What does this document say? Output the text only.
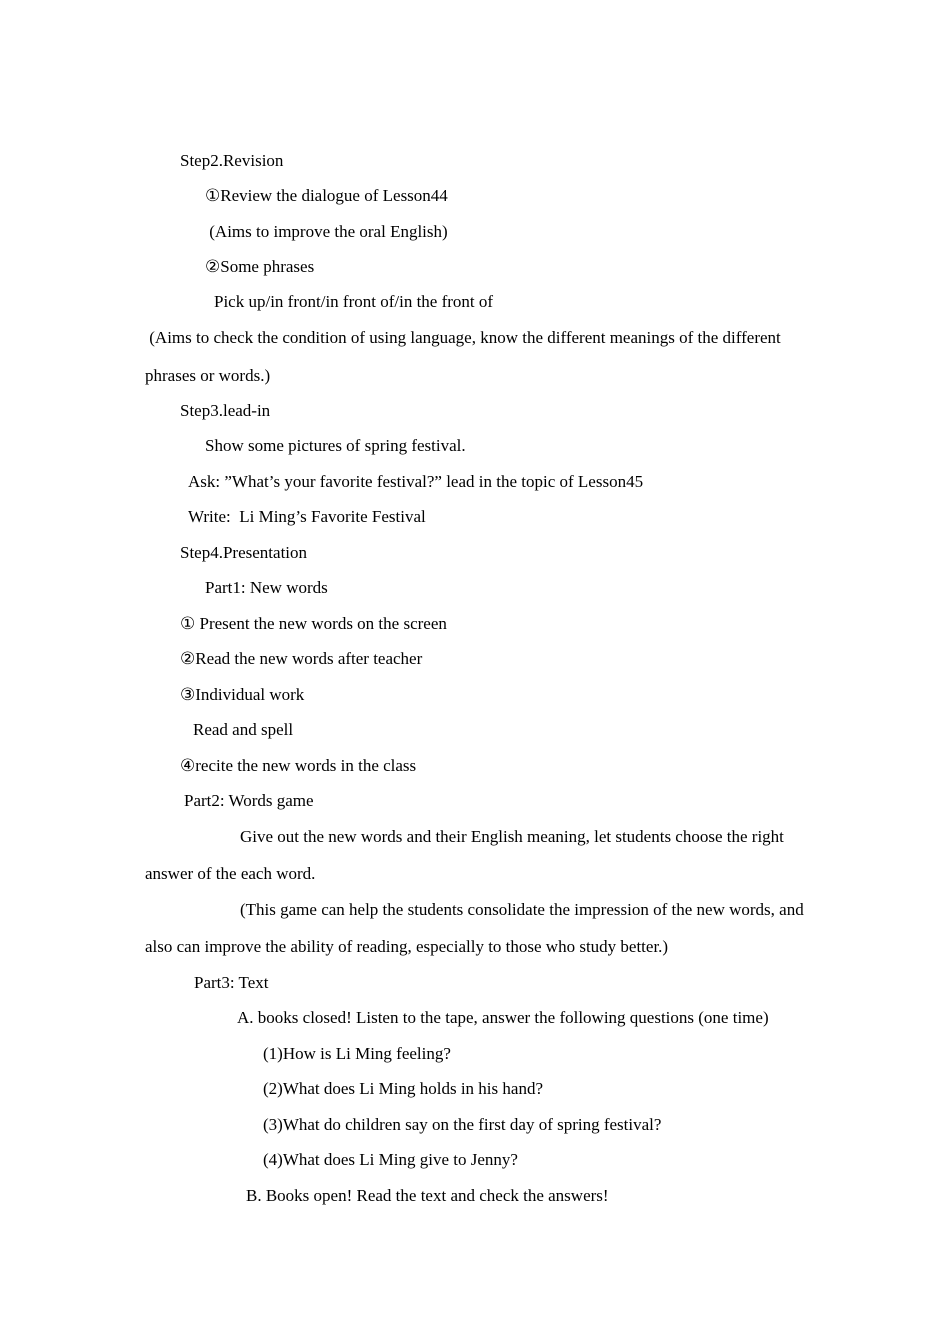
Step2.Revision
①Review the dialogue of Lesson44
(Aims to improve the oral English)
②Some phrases
Pick up/in front/in front of/in the front of
(Aims to check the condition of using language, know the different meanings of the different
phrases or words.)
Step3.lead-in
Show some pictures of spring festival.
Ask: ”What’s your favorite festival?” lead in the topic of Lesson45
Write:  Li Ming’s Favorite Festival
Step4.Presentation
Part1: New words
① Present the new words on the screen
②Read the new words after teacher
③Individual work
Read and spell
④recite the new words in the class
Part2: Words game
Give out the new words and their English meaning, let students choose the right
answer of the each word.
(This game can help the students consolidate the impression of the new words, and
also can improve the ability of reading, especially to those who study better.)
Part3: Text
A. books closed! Listen to the tape, answer the following questions (one time)
(1)How is Li Ming feeling?
(2)What does Li Ming holds in his hand?
(3)What do children say on the first day of spring festival?
(4)What does Li Ming give to Jenny?
B. Books open! Read the text and check the answers!
